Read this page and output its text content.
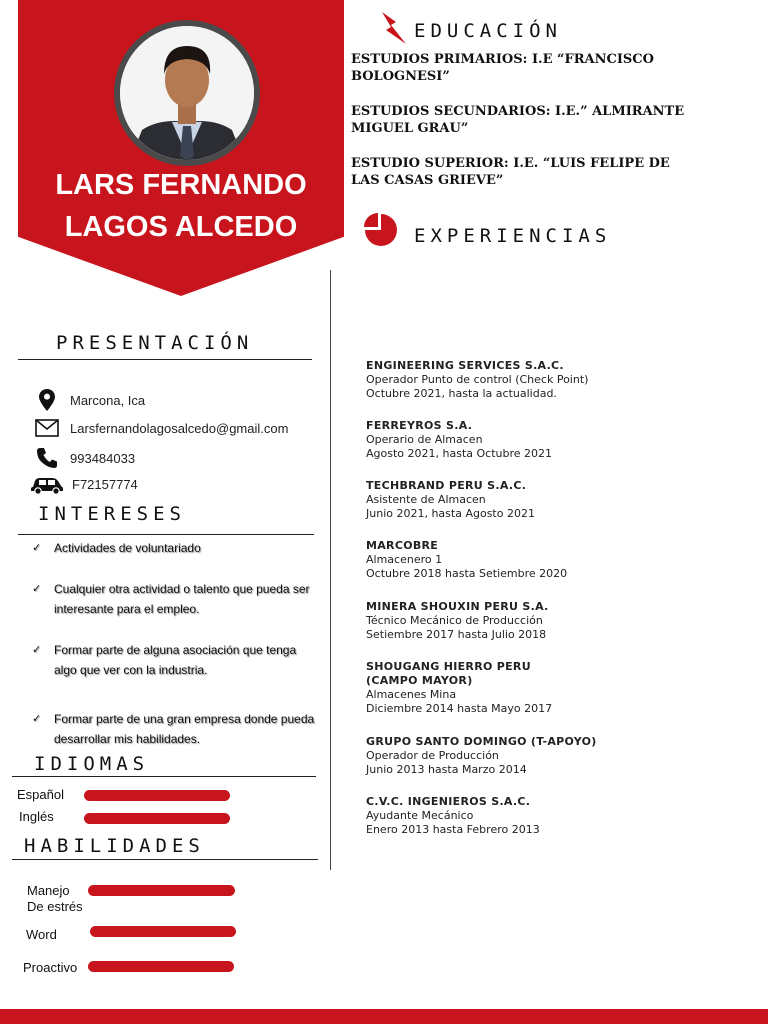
LARS FERNANDO
LAGOS ALCEDO
PRESENTACIÓN
Marcona, Ica
Larsfernandolagosalcedo@gmail.com
993484033
F72157774
INTERESES
✓	Actividades de voluntariado
✓	Cualquier otra actividad o talento que pueda ser interesante para el empleo.
✓	Formar parte de alguna asociación que tenga algo que ver con la industria.
✓	Formar parte de una gran empresa donde pueda desarrollar mis habilidades.
IDIOMAS
Español
Inglés
HABILIDADES
Manejo De estrés
Word
Proactivo
EDUCACIÓN
ESTUDIOS PRIMARIOS: I.E “FRANCISCO BOLOGNESI”
ESTUDIOS SECUNDARIOS: I.E.” ALMIRANTE MIGUEL GRAU”
ESTUDIO SUPERIOR: I.E. “LUIS FELIPE DE LAS CASAS GRIEVE”
EXPERIENCIAS
ENGINEERING SERVICES S.A.C.
Operador Punto de control (Check Point)
Octubre 2021, hasta la actualidad.
FERREYROS S.A.
Operario de Almacen
Agosto 2021, hasta Octubre 2021
TECHBRAND PERU S.A.C.
Asistente de Almacen
Junio 2021, hasta Agosto 2021
MARCOBRE
Almacenero 1
Octubre 2018 hasta Setiembre 2020
MINERA SHOUXIN PERU S.A.
Técnico Mecánico de Producción
Setiembre 2017 hasta Julio 2018
SHOUGANG HIERRO PERU (CAMPO MAYOR)
Almacenes Mina
Diciembre 2014 hasta Mayo 2017
GRUPO SANTO DOMINGO (T-APOYO)
Operador de Producción
Junio 2013 hasta Marzo 2014
C.V.C. INGENIEROS S.A.C.
Ayudante Mecánico
Enero 2013 hasta Febrero 2013
